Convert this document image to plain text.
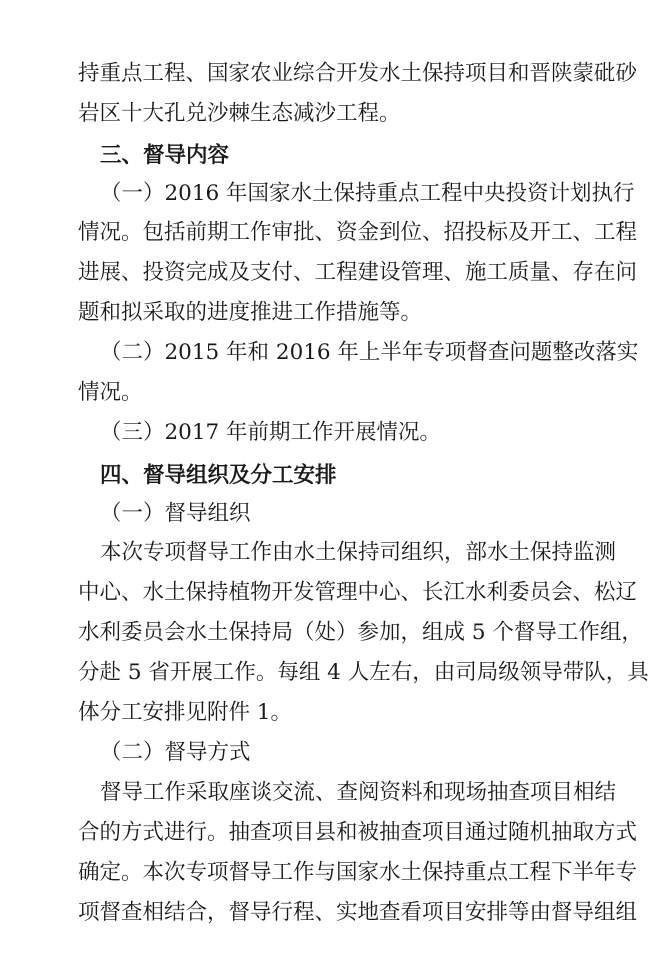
持重点工程、国家农业综合开发水土保持项目和晋陕蒙砒砂
岩区十大孔兑沙棘生态减沙工程。
三、督导内容
（一）2016 年国家水土保持重点工程中央投资计划执行
情况。包括前期工作审批、资金到位、招投标及开工、工程
进展、投资完成及支付、工程建设管理、施工质量、存在问
题和拟采取的进度推进工作措施等。
（二）2015 年和 2016 年上半年专项督查问题整改落实
情况。
（三）2017 年前期工作开展情况。
四、督导组织及分工安排
（一）督导组织
本次专项督导工作由水土保持司组织，部水土保持监测
中心、水土保持植物开发管理中心、长江水利委员会、松辽
水利委员会水土保持局（处）参加，组成 5 个督导工作组，
分赴 5 省开展工作。每组 4 人左右，由司局级领导带队，具
体分工安排见附件 1。
（二）督导方式
督导工作采取座谈交流、查阅资料和现场抽查项目相结
合的方式进行。抽查项目县和被抽查项目通过随机抽取方式
确定。本次专项督导工作与国家水土保持重点工程下半年专
项督查相结合，督导行程、实地查看项目安排等由督导组组
